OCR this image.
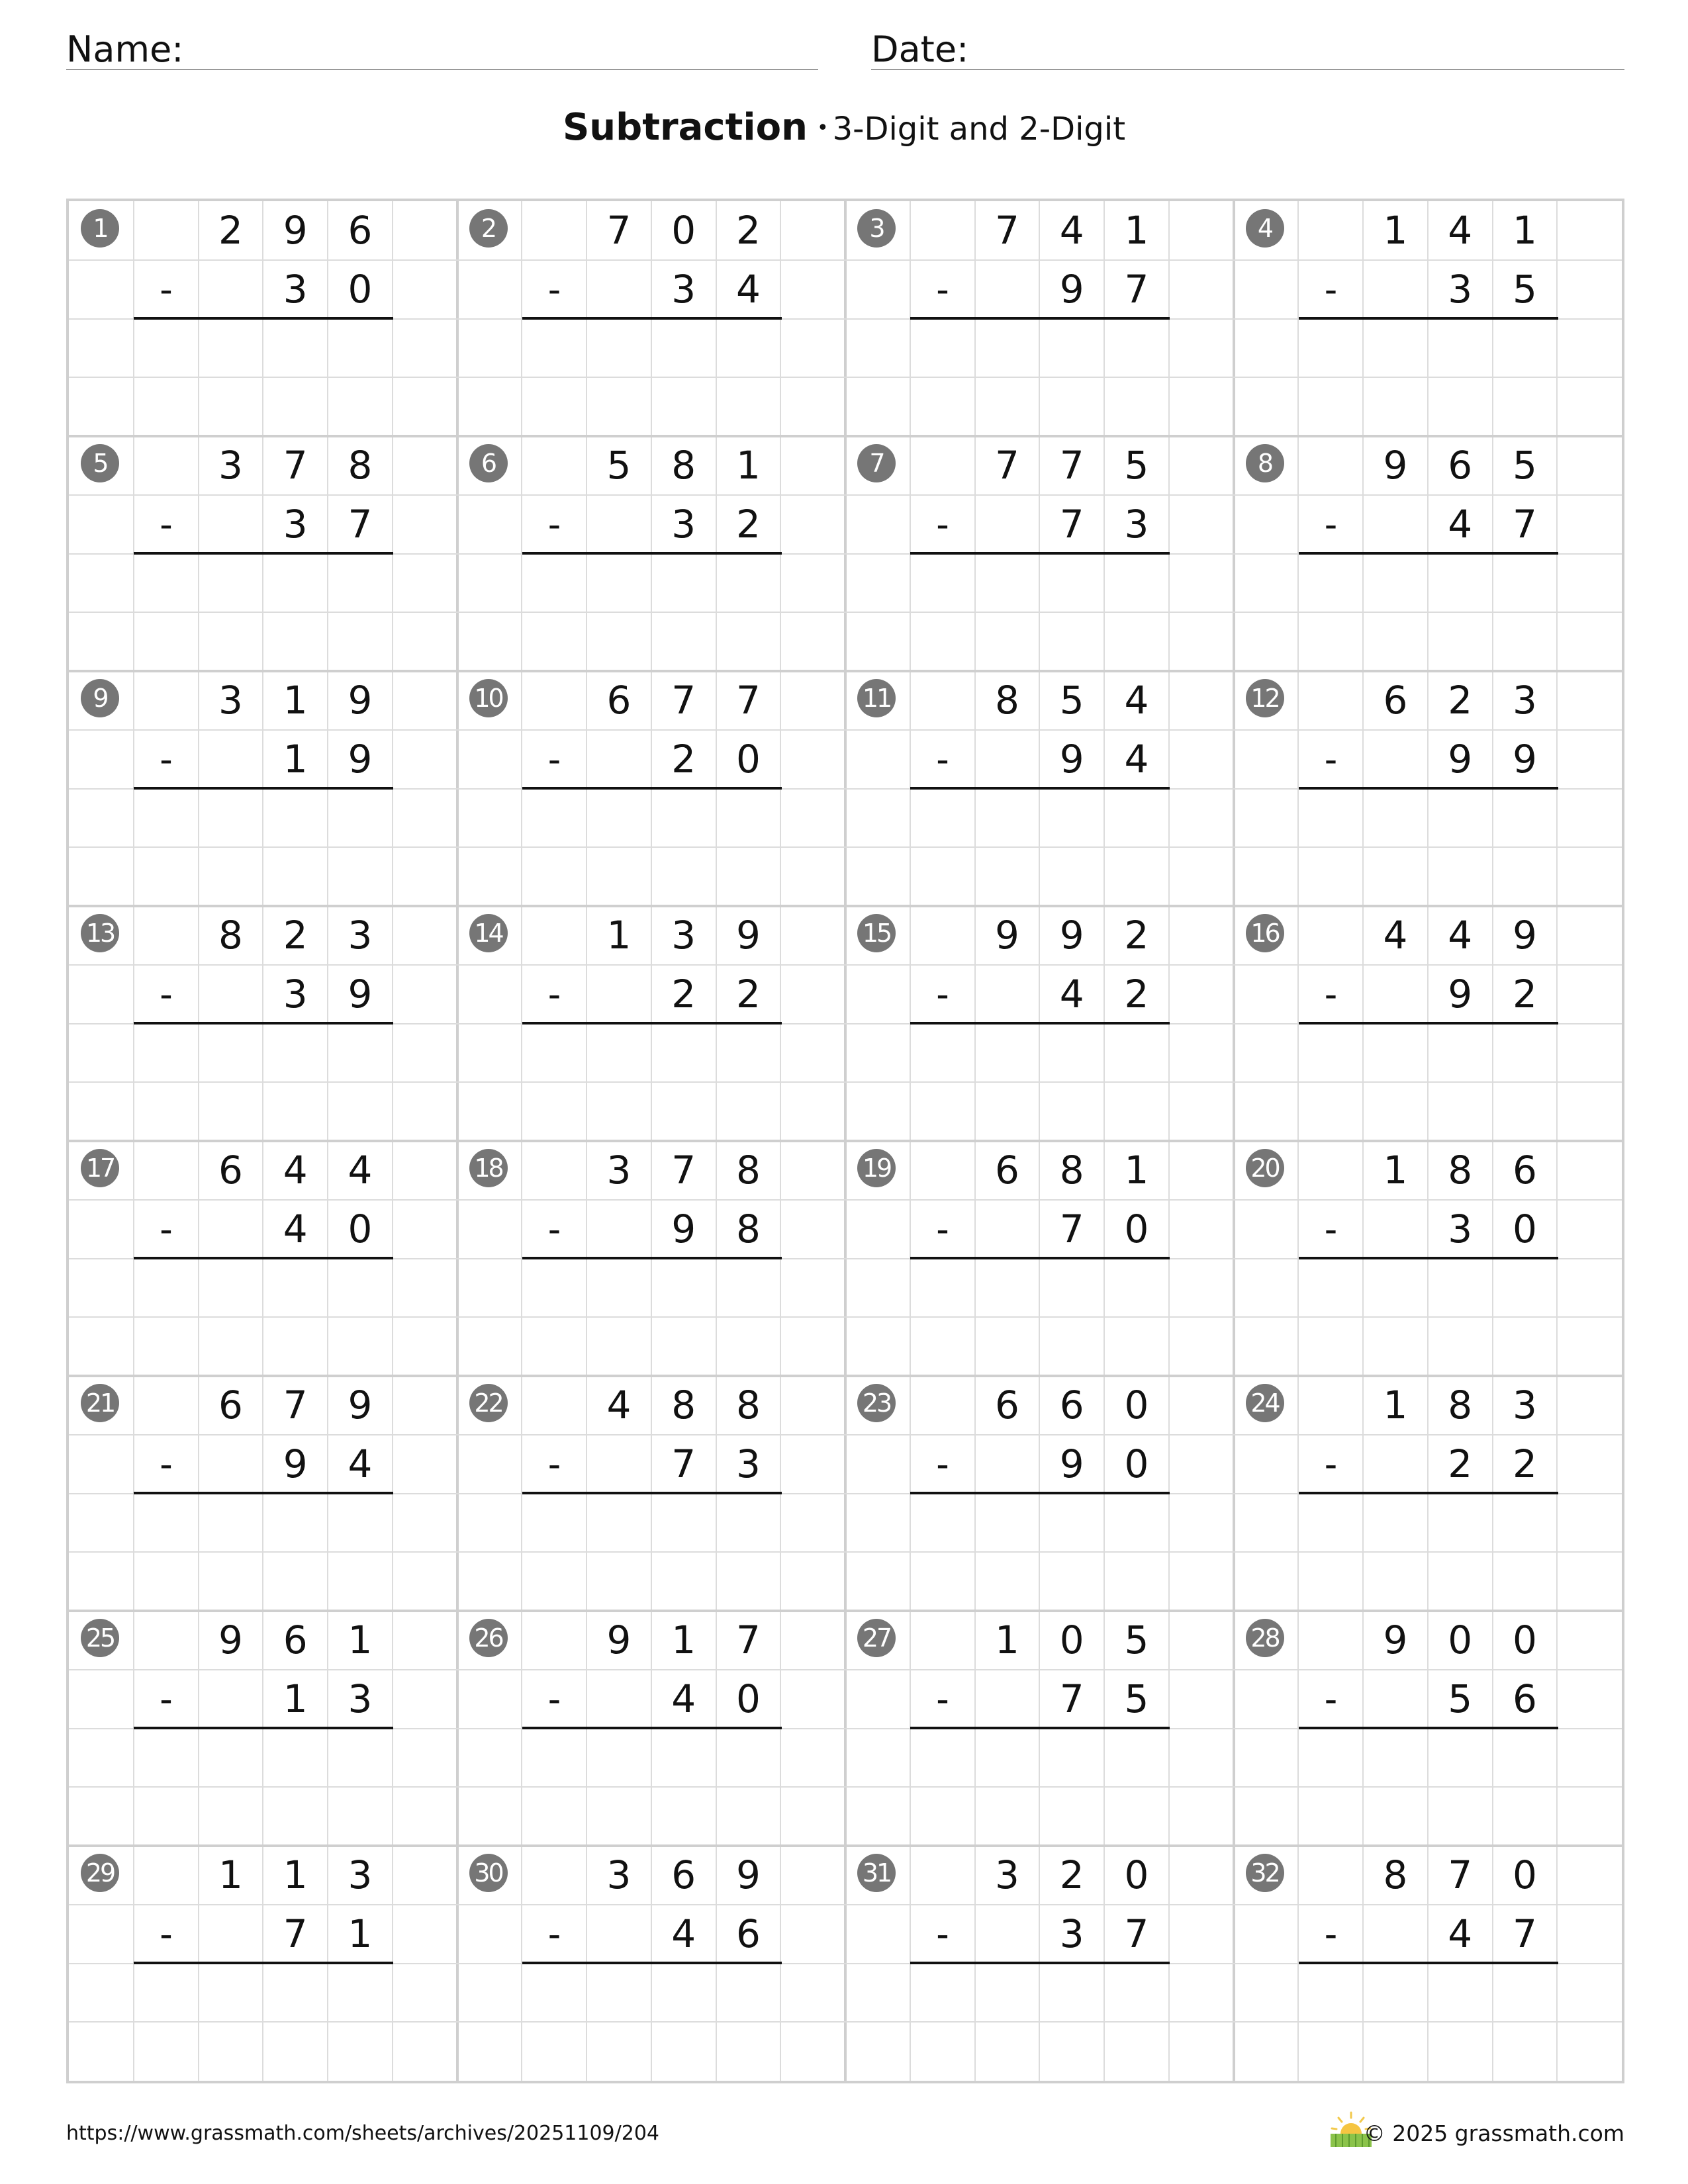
Name:	Date:
Subtraction • 3-Digit and 2-Digit
1	2	9	6
-	3	0
2	7	0	2
-	3	4
3	7	4	1
-	9	7
4	1	4	1
-	3	5
5	3	7	8
-	3	7
6	5	8	1
-	3	2
7	7	7	5
-	7	3
8	9	6	5
-	4	7
9	3	1	9
-	1	9
10	6	7	7
-	2	0
11	8	5	4
-	9	4
12	6	2	3
-	9	9
13	8	2	3
-	3	9
14	1	3	9
-	2	2
15	9	9	2
-	4	2
16	4	4	9
-	9	2
17	6	4	4
-	4	0
18	3	7	8
-	9	8
19	6	8	1
-	7	0
20	1	8	6
-	3	0
21	6	7	9
-	9	4
22	4	8	8
-	7	3
23	6	6	0
-	9	0
24	1	8	3
-	2	2
25	9	6	1
-	1	3
26	9	1	7
-	4	0
27	1	0	5
-	7	5
28	9	0	0
-	5	6
29	1	1	3
-	7	1
30	3	6	9
-	4	6
31	3	2	0
-	3	7
32	8	7	0
-	4	7
https://www.grassmath.com/sheets/archives/20251109/204	© 2025 grassmath.com
